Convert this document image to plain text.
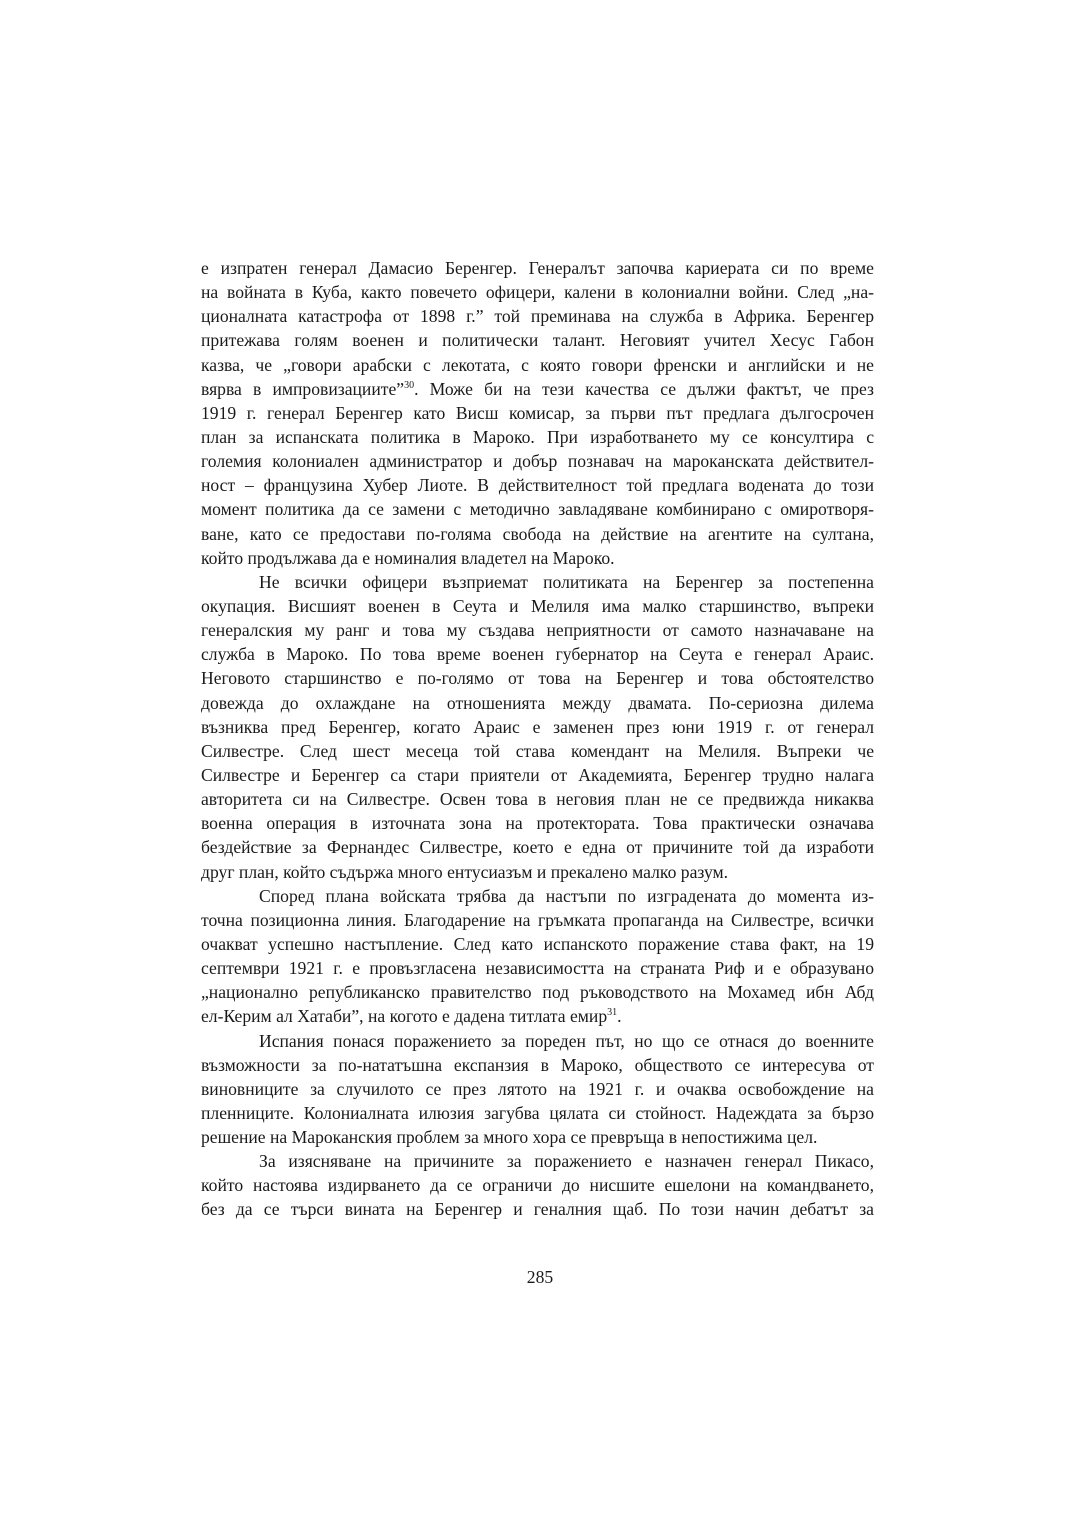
е изпратен генерал Дамасио Беренгер. Генералът започва кариерата си по време
на войната в Куба, както повечето офицери, калени в колониални войни. След „на-
ционалната катастрофа от 1898 г.” той преминава на служба в Африка. Беренгер
притежава голям военен и политически талант. Неговият учител Хесус Габон
казва, че „говори арабски с лекотата, с която говори френски и английски и не
вярва в импровизациите”$^{30}$. Може би на тези качества се дължи фактът, че през
1919 г. генерал Беренгер като Висш комисар, за първи път предлага дългосрочен
план за испанската политика в Мароко. При изработването му се консултира с
големия колониален администратор и добър познавач на мароканската действител-
ност – французина Хубер Лиоте. В действителност той предлага водената до този
момент политика да се замени с методично завладяване комбинирано с омиротворя-
ване, като се предостави по-голяма свобода на действие на агентите на султана,
който продължава да е номиналия владетел на Мароко.
Не всички офицери възприемат политиката на Беренгер за постепенна
окупация. Висшият военен в Сеута и Мелиля има малко старшинство, въпреки
генералския му ранг и това му създава неприятности от самото назначаване на
служба в Мароко. По това време военен губернатор на Сеута е генерал Араис.
Неговото старшинство е по-голямо от това на Беренгер и това обстоятелство
довежда до охлаждане на отношенията между двамата. По-сериозна дилема
възниква пред Беренгер, когато Араис е заменен през юни 1919 г. от генерал
Силвестре. След шест месеца той става комендант на Мелиля. Въпреки че
Силвестре и Беренгер са стари приятели от Академията, Беренгер трудно налага
авторитета си на Силвестре. Освен това в неговия план не се предвижда никаква
военна операция в източната зона на протектората. Това практически означава
бездействие за Фернандес Силвестре, което е една от причините той да изработи
друг план, който съдържа много ентусиазъм и прекалено малко разум.
Според плана войската трябва да настъпи по изградената до момента из-
точна позиционна линия. Благодарение на гръмката пропаганда на Силвестре, всички
очакват успешно настъпление. След като испанското поражение става факт, на 19
септември 1921 г. е провъзгласена независимостта на страната Риф и е образувано
„национално републиканско правителство под ръководството на Мохамед ибн Абд
ел-Керим ал Хатаби”, на когото е дадена титлата емир$^{31}$.
Испания понася поражението за пореден път, но що се отнася до военните
възможности за по-нататъшна експанзия в Мароко, обществото се интересува от
виновниците за случилото се през лятото на 1921 г. и очаква освобождение на
пленниците. Колониалната илюзия загубва цялата си стойност. Надеждата за бързо
решение на Мароканския проблем за много хора се превръща в непостижима цел.
За изясняване на причините за поражението е назначен генерал Пикасо,
който настоява издирването да се ограничи до нисшите ешелони на командването,
без да се търси вината на Беренгер и геналния щаб. По този начин дебатът за
285
